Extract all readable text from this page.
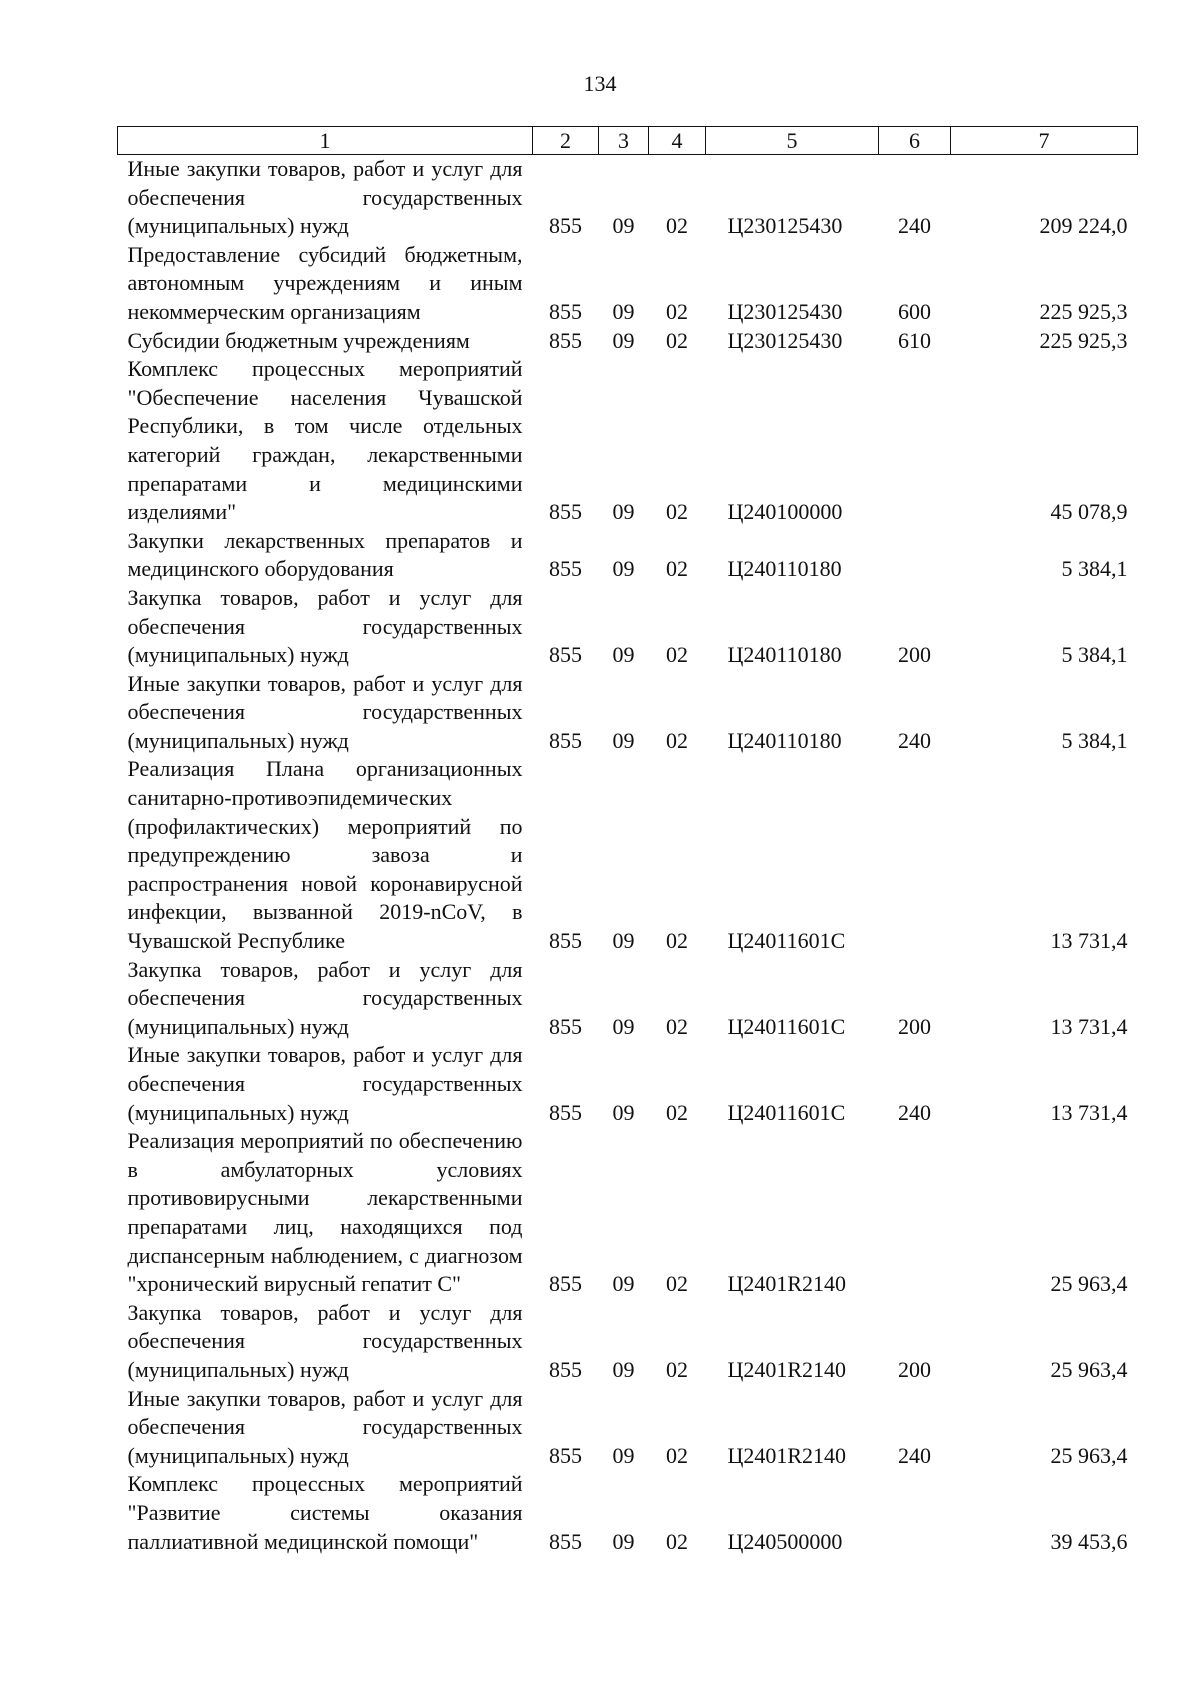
134
1	2	3	4	5	6	7
Иные закупки товаров, работ и услуг для обеспечения государственных (муниципальных) нужд	855	09	02	Ц230125430	240	209 224,0
Предоставление субсидий бюджетным, автономным учреждениям и иным некоммерческим организациям	855	09	02	Ц230125430	600	225 925,3
Субсидии бюджетным учреждениям	855	09	02	Ц230125430	610	225 925,3
Комплекс процессных мероприятий "Обеспечение населения Чувашской Республики, в том числе отдельных категорий граждан, лекарственными препаратами и медицинскими изделиями"	855	09	02	Ц240100000		45 078,9
Закупки лекарственных препаратов и медицинского оборудования	855	09	02	Ц240110180		5 384,1
Закупка товаров, работ и услуг для обеспечения государственных (муниципальных) нужд	855	09	02	Ц240110180	200	5 384,1
Иные закупки товаров, работ и услуг для обеспечения государственных (муниципальных) нужд	855	09	02	Ц240110180	240	5 384,1
Реализация Плана организационных санитарно-противоэпидемических (профилактических) мероприятий по предупреждению завоза и распространения новой коронавирусной инфекции, вызванной 2019-nCoV, в Чувашской Республике	855	09	02	Ц24011601С		13 731,4
Закупка товаров, работ и услуг для обеспечения государственных (муниципальных) нужд	855	09	02	Ц24011601С	200	13 731,4
Иные закупки товаров, работ и услуг для обеспечения государственных (муниципальных) нужд	855	09	02	Ц24011601С	240	13 731,4
Реализация мероприятий по обеспечению в амбулаторных условиях противовирусными лекарственными препаратами лиц, находящихся под диспансерным наблюдением, с диагнозом "хронический вирусный гепатит С"	855	09	02	Ц2401R2140		25 963,4
Закупка товаров, работ и услуг для обеспечения государственных (муниципальных) нужд	855	09	02	Ц2401R2140	200	25 963,4
Иные закупки товаров, работ и услуг для обеспечения государственных (муниципальных) нужд	855	09	02	Ц2401R2140	240	25 963,4
Комплекс процессных мероприятий "Развитие системы оказания паллиативной медицинской помощи"	855	09	02	Ц240500000		39 453,6
